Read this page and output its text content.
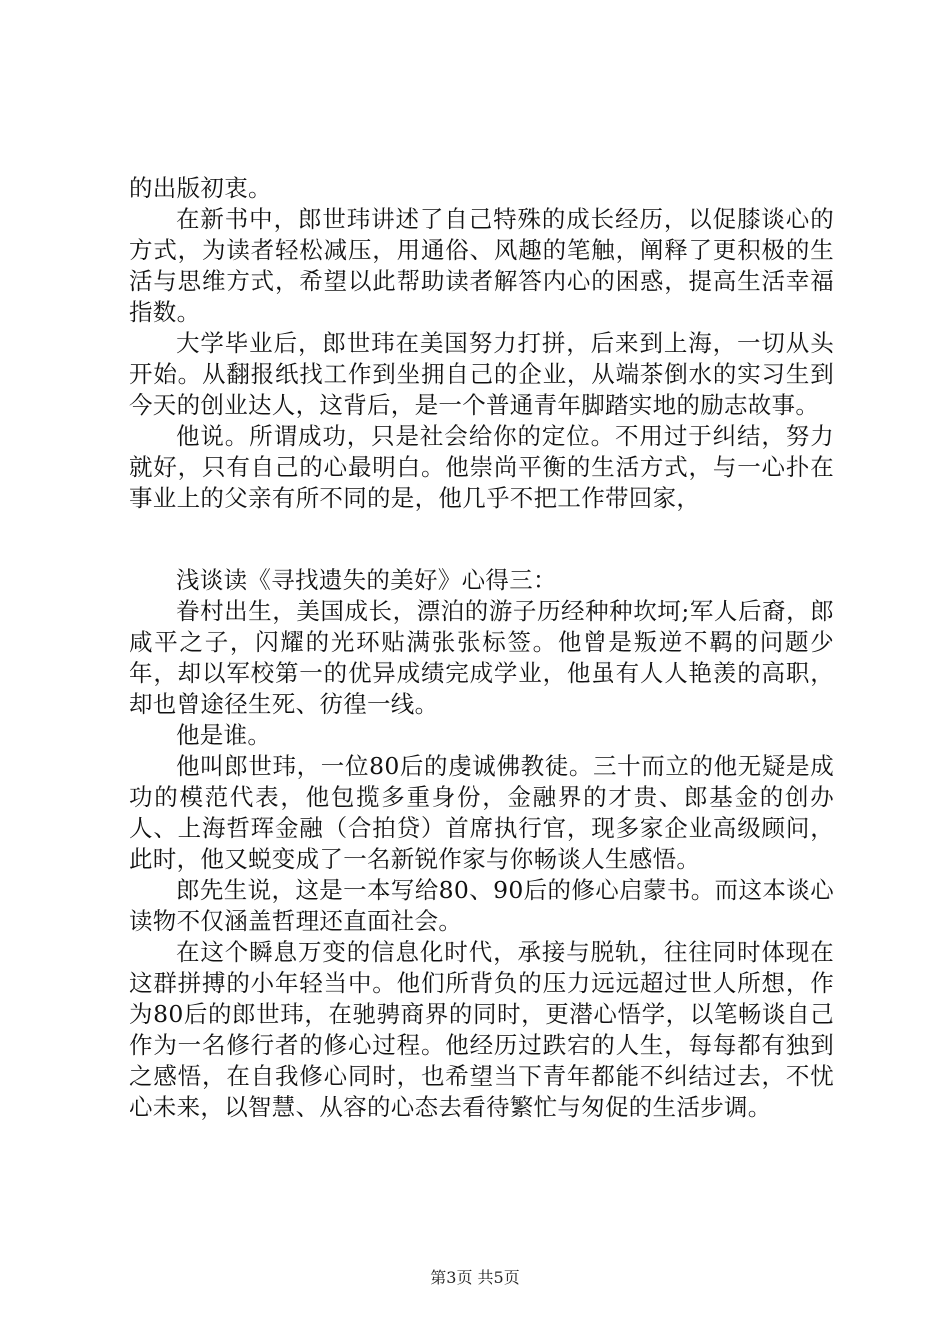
的出版初衷。

在新书中，郎世玮讲述了自己特殊的成长经历，以促膝谈心的方式，为读者轻松减压，用通俗、风趣的笔触，阐释了更积极的生活与思维方式，希望以此帮助读者解答内心的困惑，提高生活幸福指数。

大学毕业后，郎世玮在美国努力打拼，后来到上海，一切从头开始。从翻报纸找工作到坐拥自己的企业，从端茶倒水的实习生到今天的创业达人，这背后，是一个普通青年脚踏实地的励志故事。

他说。所谓成功，只是社会给你的定位。不用过于纠结，努力就好，只有自己的心最明白。他崇尚平衡的生活方式，与一心扑在事业上的父亲有所不同的是，他几乎不把工作带回家，

浅谈读《寻找遗失的美好》心得三：

眷村出生，美国成长，漂泊的游子历经种种坎坷;军人后裔，郎咸平之子，闪耀的光环贴满张张标签。他曾是叛逆不羁的问题少年，却以军校第一的优异成绩完成学业，他虽有人人艳羡的高职，却也曾途径生死、彷徨一线。

他是谁。

他叫郎世玮，一位80后的虔诚佛教徒。三十而立的他无疑是成功的模范代表，他包揽多重身份，金融界的才贵、郎基金的创办人、上海哲珲金融（合拍贷）首席执行官，现多家企业高级顾问，此时，他又蜕变成了一名新锐作家与你畅谈人生感悟。

郎先生说，这是一本写给80、90后的修心启蒙书。而这本谈心读物不仅涵盖哲理还直面社会。

在这个瞬息万变的信息化时代，承接与脱轨，往往同时体现在这群拼搏的小年轻当中。他们所背负的压力远远超过世人所想，作为80后的郎世玮，在驰骋商界的同时，更潜心悟学，以笔畅谈自己作为一名修行者的修心过程。他经历过跌宕的人生，每每都有独到之感悟，在自我修心同时，也希望当下青年都能不纠结过去，不忧心未来，以智慧、从容的心态去看待繁忙与匆促的生活步调。

第3页 共5页
